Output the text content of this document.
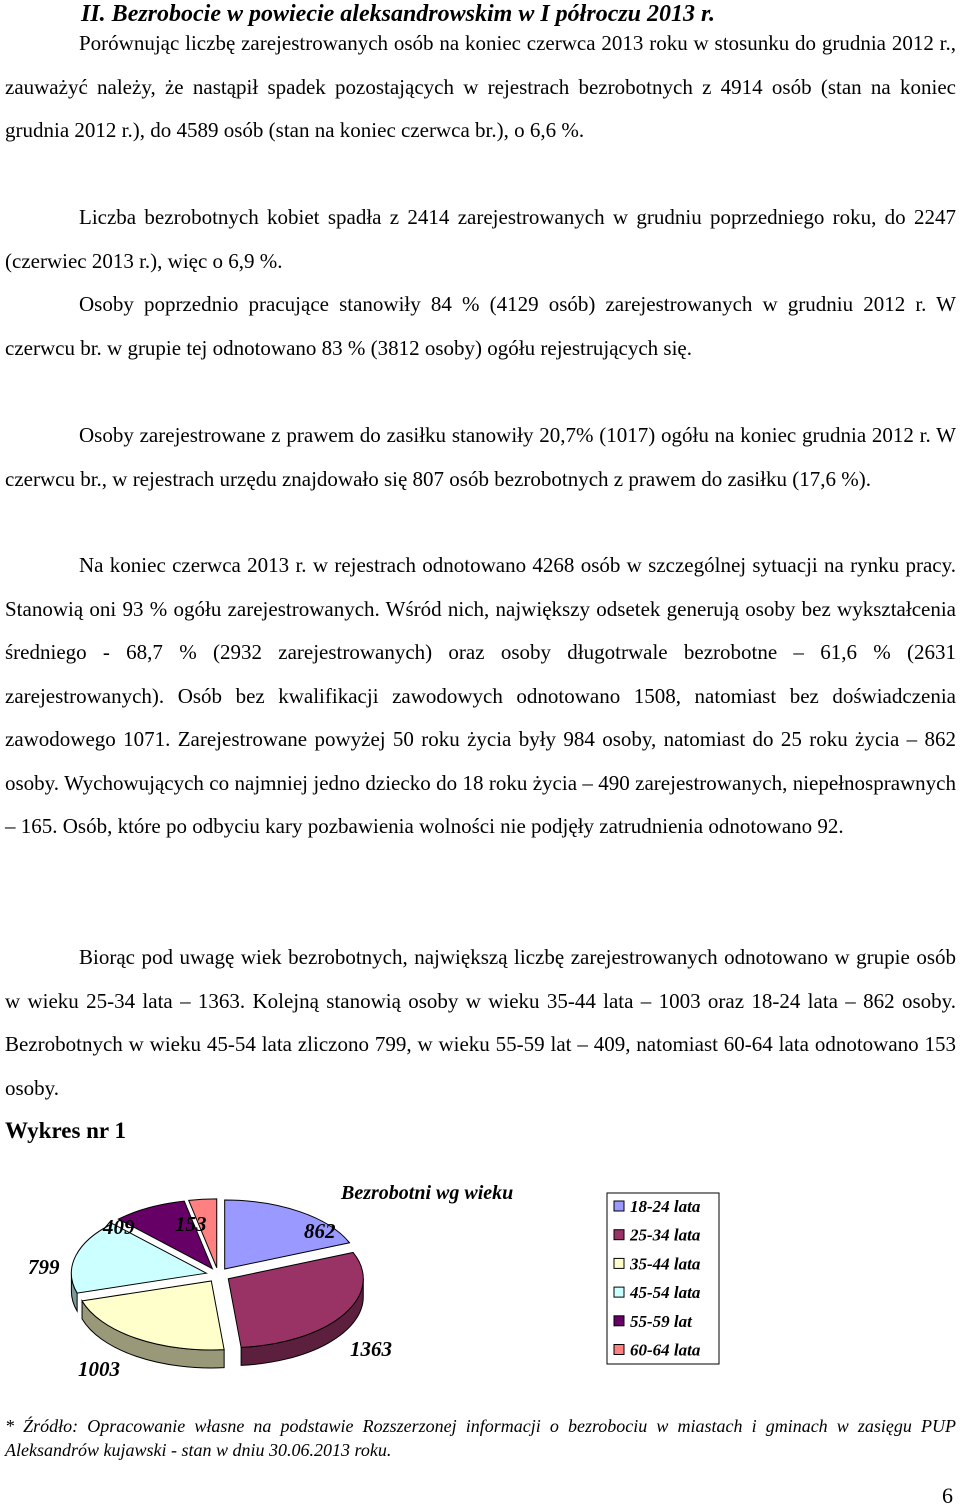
II. Bezrobocie w powiecie aleksandrowskim w I półroczu 2013 r.

Porównując liczbę zarejestrowanych osób na koniec czerwca 2013 roku w stosunku do grudnia 2012 r., zauważyć należy, że nastąpił spadek pozostających w rejestrach bezrobotnych z 4914 osób (stan na koniec grudnia 2012 r.), do 4589 osób (stan na koniec czerwca br.), o 6,6 %.

Liczba bezrobotnych kobiet spadła z 2414 zarejestrowanych w grudniu poprzedniego roku, do 2247 (czerwiec 2013 r.), więc o 6,9 %.

Osoby poprzednio pracujące stanowiły 84 % (4129 osób) zarejestrowanych w grudniu 2012 r. W czerwcu br. w grupie tej odnotowano 83 % (3812 osoby) ogółu rejestrujących się.

Osoby zarejestrowane z prawem do zasiłku stanowiły 20,7% (1017) ogółu na koniec grudnia 2012 r. W czerwcu br., w rejestrach urzędu znajdowało się 807 osób bezrobotnych z prawem do zasiłku (17,6 %).

Na koniec czerwca 2013 r. w rejestrach odnotowano 4268 osób w szczególnej sytuacji na rynku pracy. Stanowią oni 93 % ogółu zarejestrowanych. Wśród nich, największy odsetek generują osoby bez wykształcenia średniego - 68,7 % (2932 zarejestrowanych) oraz osoby długotrwale bezrobotne – 61,6 % (2631 zarejestrowanych). Osób bez kwalifikacji zawodowych odnotowano 1508, natomiast bez doświadczenia zawodowego 1071. Zarejestrowane powyżej 50 roku życia były 984 osoby, natomiast do 25 roku życia – 862 osoby. Wychowujących co najmniej jedno dziecko do 18 roku życia – 490 zarejestrowanych, niepełnosprawnych – 165. Osób, które po odbyciu kary pozbawienia wolności nie podjęły zatrudnienia odnotowano 92.

Biorąc pod uwagę wiek bezrobotnych, największą liczbę zarejestrowanych odnotowano w grupie osób w wieku 25-34 lata – 1363. Kolejną stanowią osoby w wieku 35-44 lata – 1003 oraz 18-24 lata – 862 osoby. Bezrobotnych w wieku 45-54 lata zliczono 799, w wieku 55-59 lat – 409, natomiast 60-64 lata odnotowano 153 osoby.

Wykres nr 1
Bezrobotni wg wieku
862
1363
1003
799
409 153
18-24 lata
25-34 lata
35-44 lata
45-54 lata
55-59 lat
60-64 lata

* Źródło: Opracowanie własne na podstawie Rozszerzonej informacji o bezrobociu w miastach i gminach w zasięgu PUP Aleksandrów kujawski - stan w dniu 30.06.2013 roku.

6
